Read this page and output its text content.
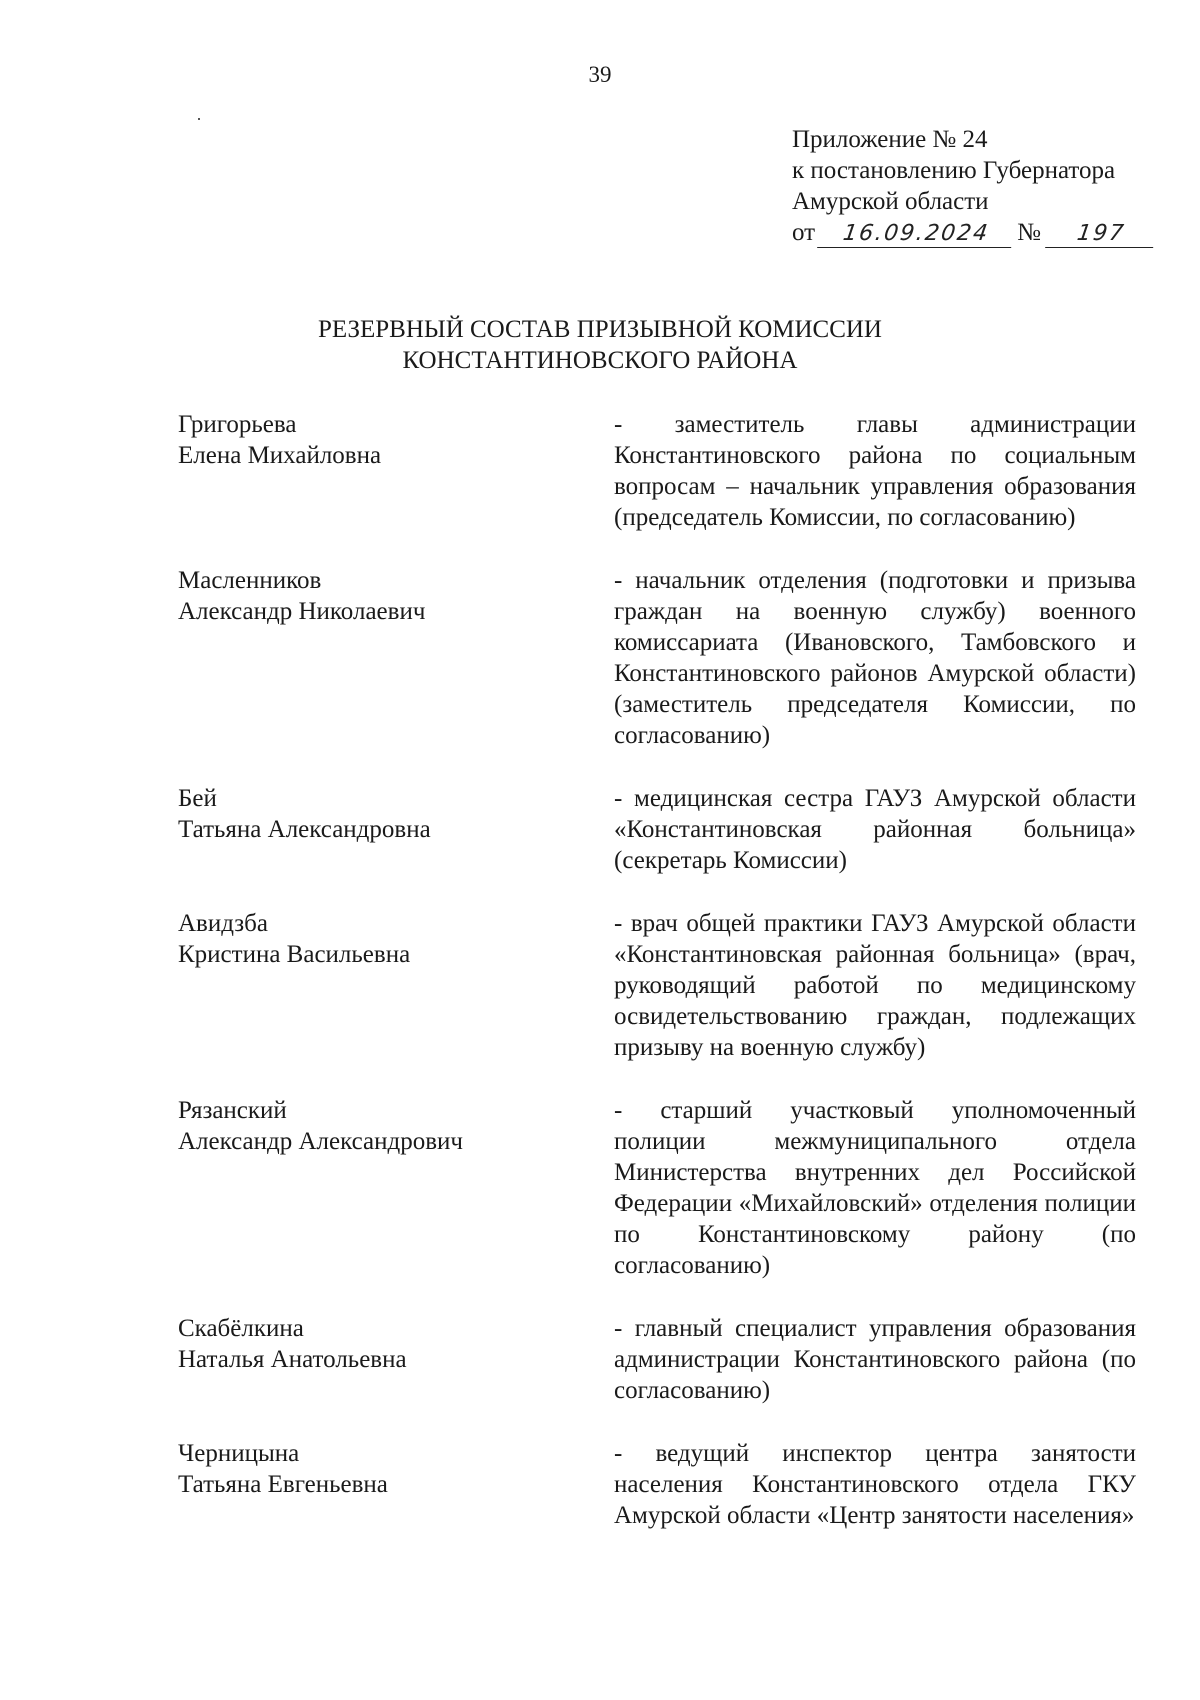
39
Приложение № 24
к постановлению Губернатора
Амурской области
от	16.09.2024	№	197
РЕЗЕРВНЫЙ СОСТАВ ПРИЗЫВНОЙ КОМИССИИ
КОНСТАНТИНОВСКОГО РАЙОНА
Григорьева
Елена Михайловна
- заместитель главы администрации Константиновского района по социальным вопросам – начальник управления образования (председатель Комиссии, по согласованию)
Масленников
Александр Николаевич
- начальник отделения (подготовки и призыва граждан на военную службу) военного комиссариата (Ивановского, Тамбовского и Константиновского районов Амурской области) (заместитель председателя Комиссии, по согласованию)
Бей
Татьяна Александровна
- медицинская сестра ГАУЗ Амурской области «Константиновская районная больница» (секретарь Комиссии)
Авидзба
Кристина Васильевна
- врач общей практики ГАУЗ Амурской области «Константиновская районная больница» (врач, руководящий работой по медицинскому освидетельствованию граждан, подлежащих призыву на военную службу)
Рязанский
Александр Александрович
- старший участковый уполномоченный полиции межмуниципального отдела Министерства внутренних дел Российской Федерации «Михайловский» отделения полиции по Константиновскому району (по согласованию)
Скабёлкина
Наталья Анатольевна
- главный специалист управления образования администрации Константиновского района (по согласованию)
Черницына
Татьяна Евгеньевна
- ведущий инспектор центра занятости населения Константиновского отдела ГКУ Амурской области «Центр занятости населения»
